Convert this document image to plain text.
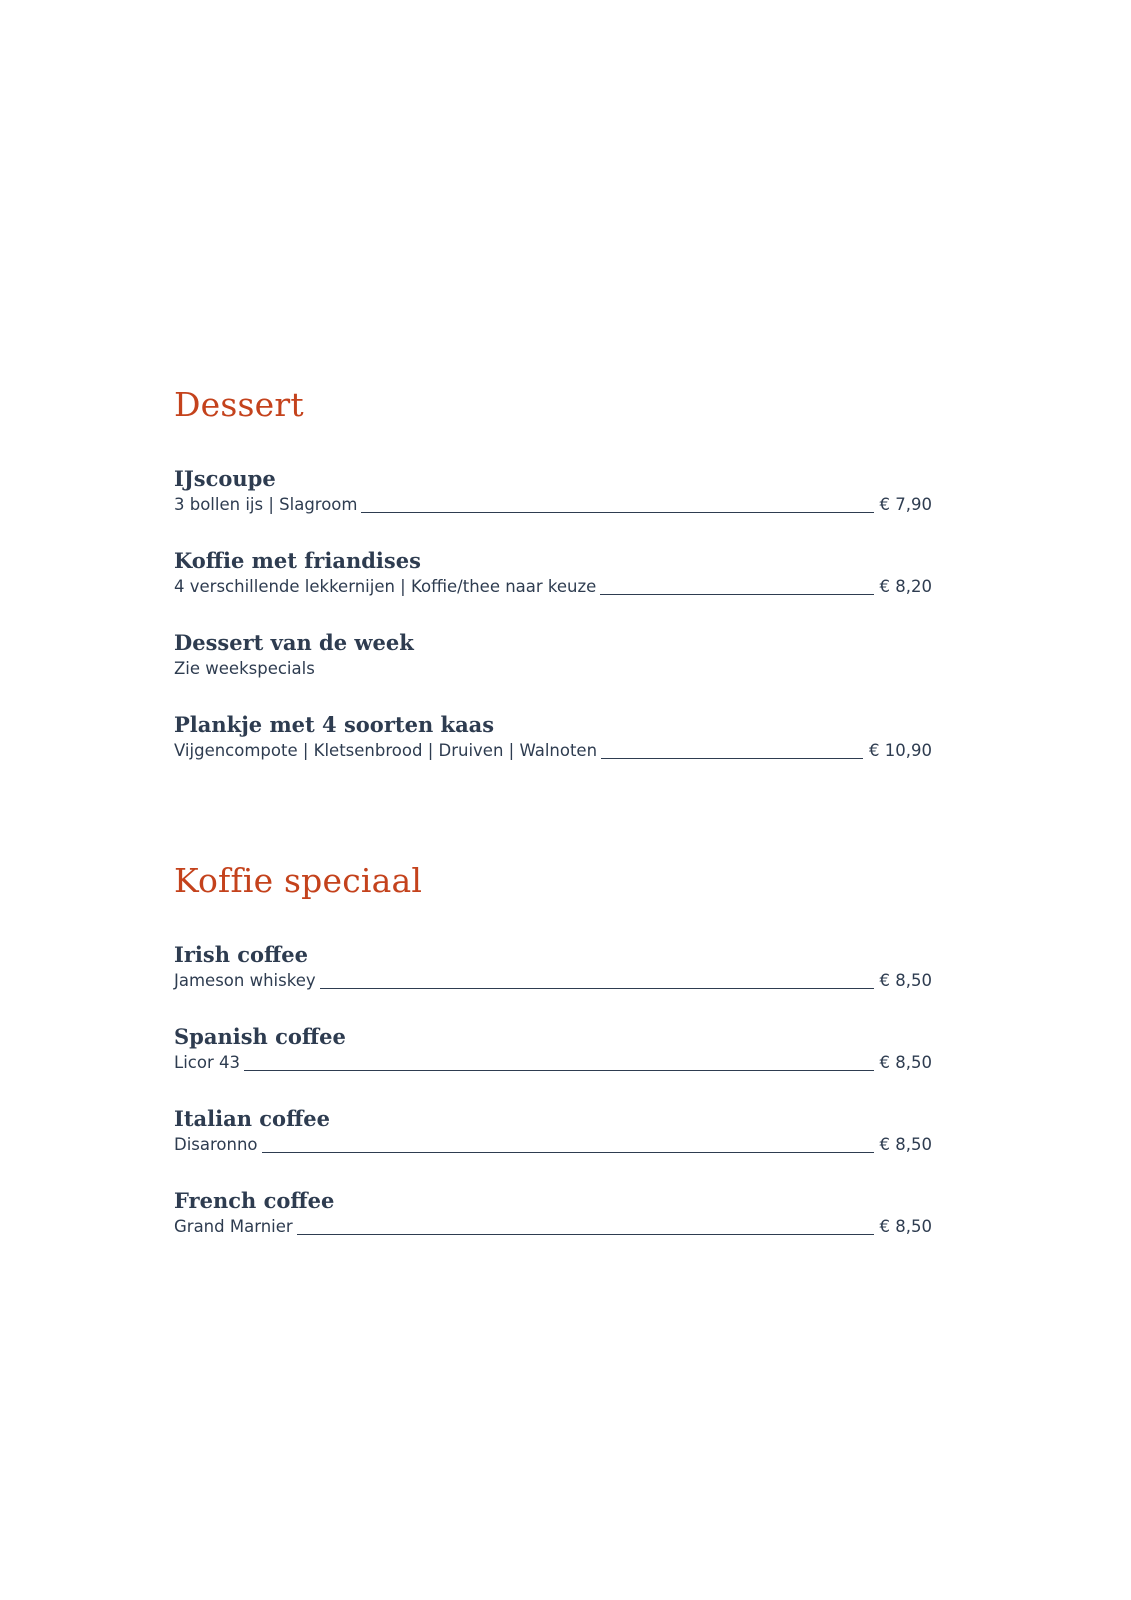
Dessert
IJscoupe
3 bollen ijs | Slagroom	€ 7,90
Koffie met friandises
4 verschillende lekkernijen | Koffie/thee naar keuze	€ 8,20
Dessert van de week
Zie weekspecials
Plankje met 4 soorten kaas
Vijgencompote | Kletsenbrood | Druiven | Walnoten	€ 10,90
Koffie speciaal
Irish coffee
Jameson whiskey	€ 8,50
Spanish coffee
Licor 43	€ 8,50
Italian coffee
Disaronno	€ 8,50
French coffee
Grand Marnier	€ 8,50
